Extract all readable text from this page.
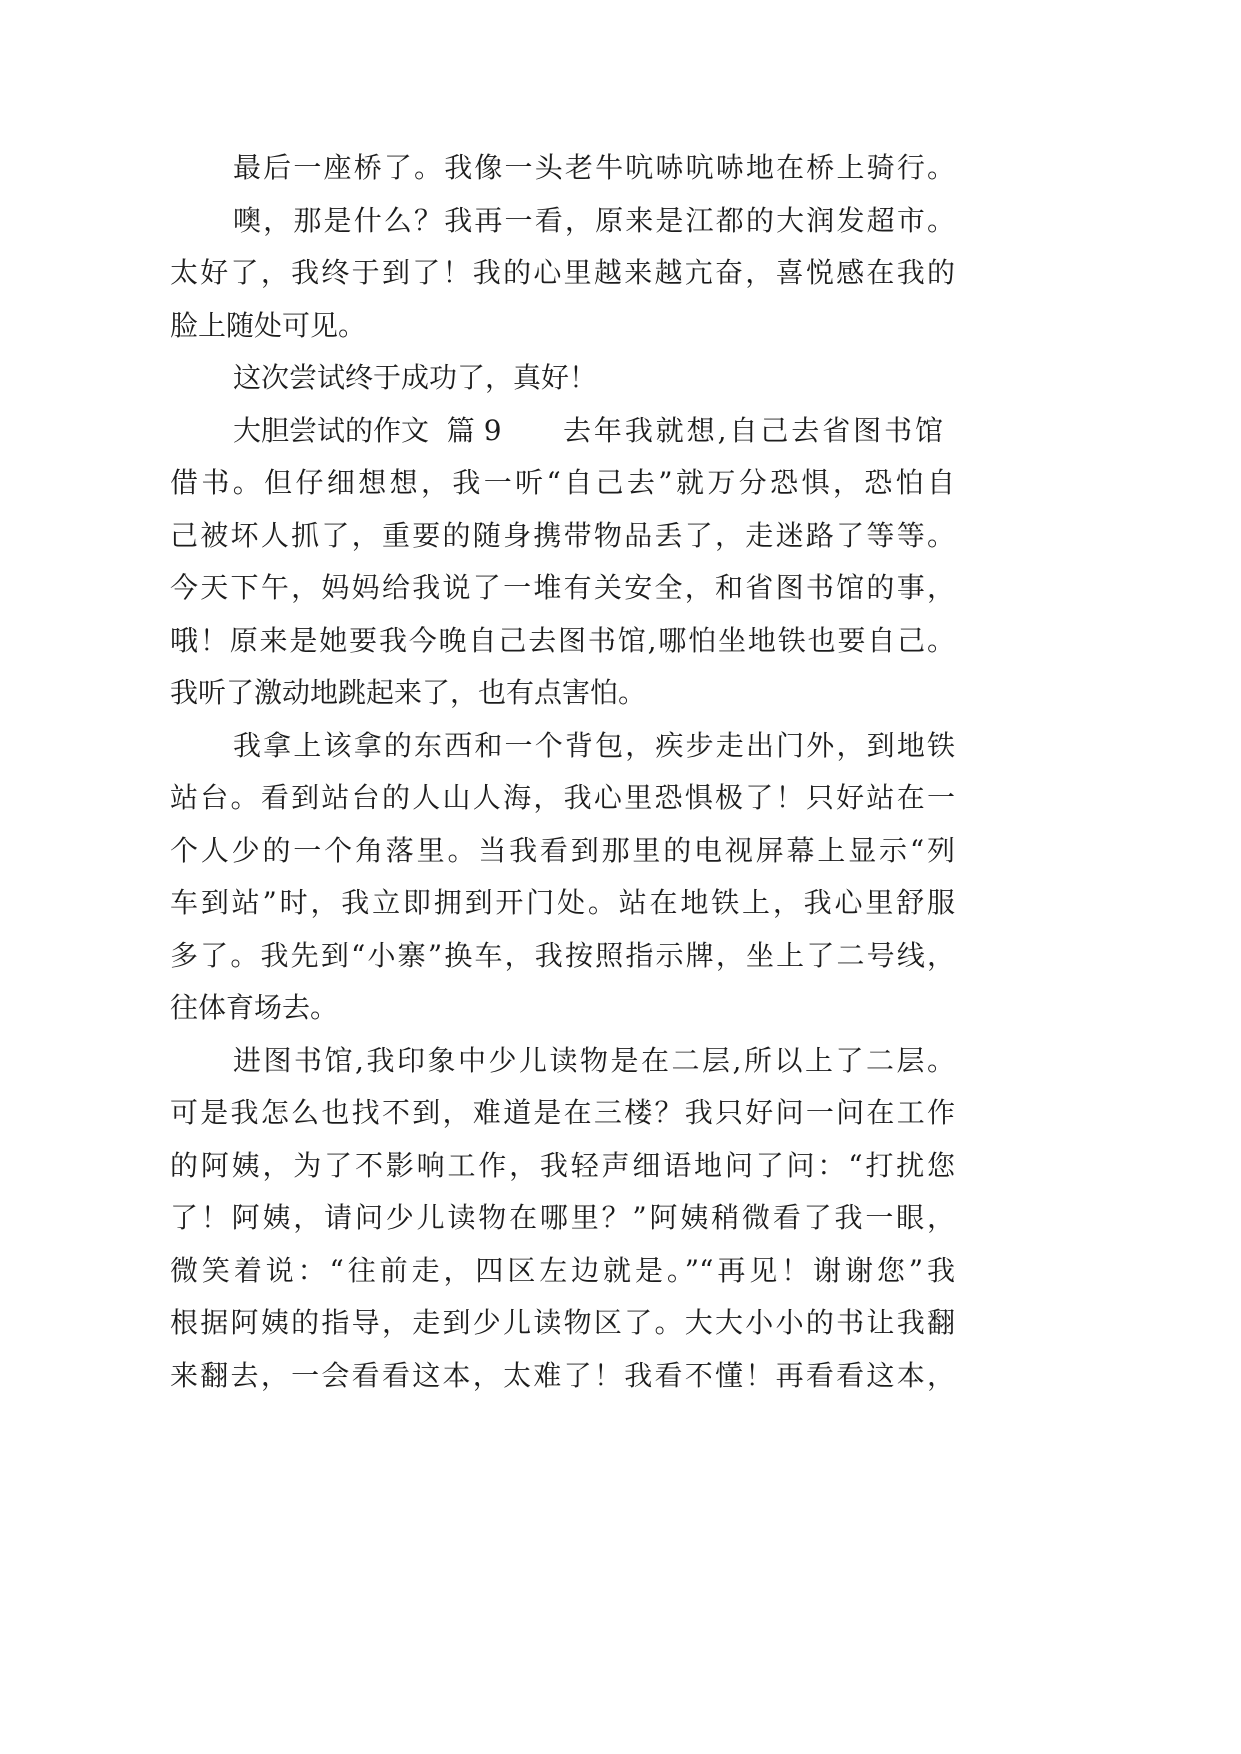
最后一座桥了。我像一头老牛吭哧吭哧地在桥上骑行。
噢，那是什么？我再一看，原来是江都的大润发超市。
太好了，我终于到了！我的心里越来越亢奋，喜悦感在我的
脸上随处可见。
这次尝试终于成功了，真好！
大胆尝试的作文  篇 9 去年我就想,自己去省图书馆
借书。但仔细想想，我一听“自己去”就万分恐惧，恐怕自
己被坏人抓了，重要的随身携带物品丢了，走迷路了等等。
今天下午，妈妈给我说了一堆有关安全，和省图书馆的事，
哦！原来是她要我今晚自己去图书馆,哪怕坐地铁也要自己。
我听了激动地跳起来了，也有点害怕。
我拿上该拿的东西和一个背包，疾步走出门外，到地铁
站台。看到站台的人山人海，我心里恐惧极了！只好站在一
个人少的一个角落里。当我看到那里的电视屏幕上显示“列
车到站”时，我立即拥到开门处。站在地铁上，我心里舒服
多了。我先到“小寨”换车，我按照指示牌，坐上了二号线，
往体育场去。
进图书馆,我印象中少儿读物是在二层,所以上了二层。
可是我怎么也找不到，难道是在三楼？我只好问一问在工作
的阿姨，为了不影响工作，我轻声细语地问了问：“打扰您
了！阿姨，请问少儿读物在哪里？”阿姨稍微看了我一眼，
微笑着说：“往前走，四区左边就是。”“再见！谢谢您”我
根据阿姨的指导，走到少儿读物区了。大大小小的书让我翻
来翻去，一会看看这本，太难了！我看不懂！再看看这本，
